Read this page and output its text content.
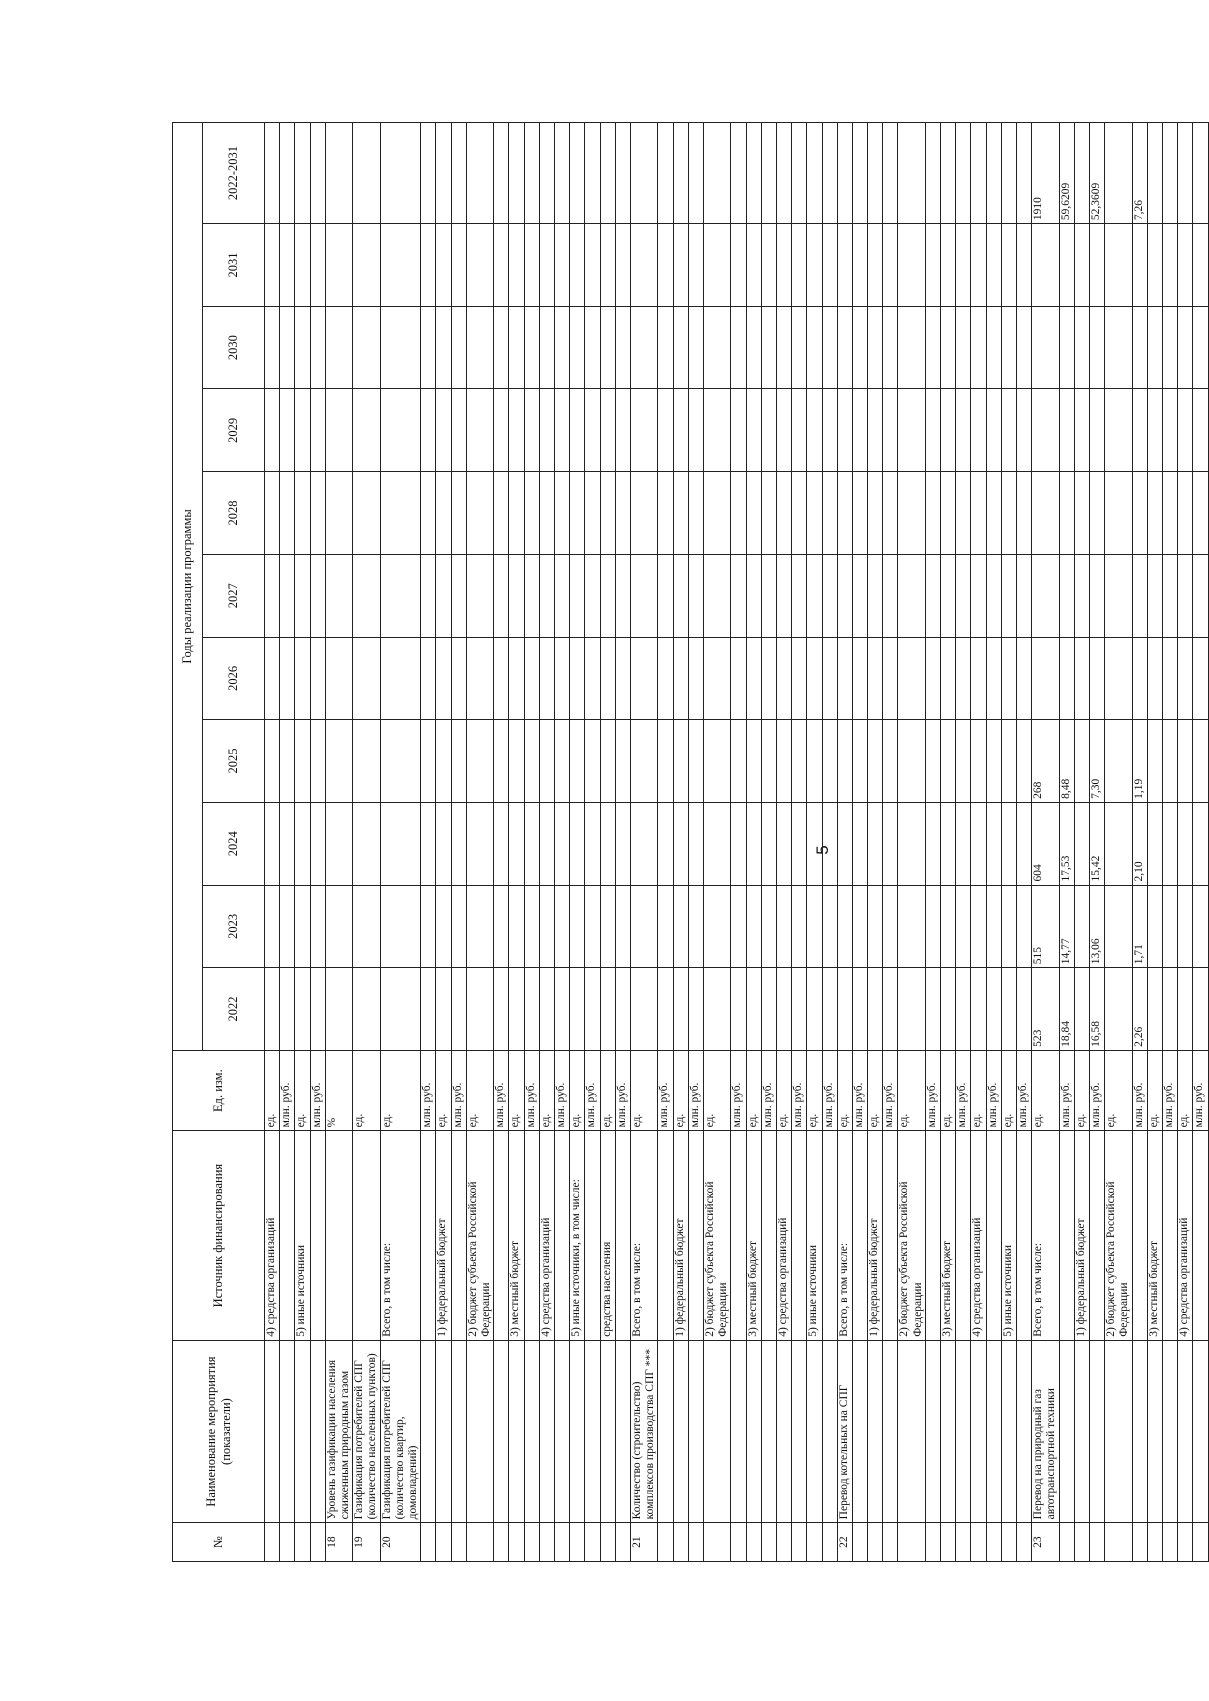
5
№	Наименование мероприятия (показатели)	Источник финансирования	Ед. изм.	Годы реализации программы										
				2022	2023	2024	2025	2026	2027	2028	2029	2030	2031	2022-2031
		4) средства организаций	ед.											
			млн. руб.											
		5) иные источники	ед.											
			млн. руб.											
18	Уровень газификации населения сжиженным природным газом		%											
19	Газификация потребителей СПГ (количество населенных пунктов)		ед.											
20	Газификация потребителей СПГ (количество квартир, домовладений)	Всего, в том числе:	ед.											
			млн. руб.											
		1) федеральный бюджет	ед.											
			млн. руб.											
		2) бюджет субъекта Российской Федерации	ед.											
			млн. руб.											
		3) местный бюджет	ед.											
			млн. руб.											
		4) средства организаций	ед.											
			млн. руб.											
		5) иные источники, в том числе:	ед.											
			млн. руб.											
		средства населения	ед.											
			млн. руб.											
21	Количество (строительство) комплексов производства СПГ ***	Всего, в том числе:	ед.											
			млн. руб.											
		1) федеральный бюджет	ед.											
			млн. руб.											
		2) бюджет субъекта Российской Федерации	ед.											
			млн. руб.											
		3) местный бюджет	ед.											
			млн. руб.											
		4) средства организаций	ед.											
			млн. руб.											
		5) иные источники	ед.											
			млн. руб.											
22	Перевод котельных на СПГ	Всего, в том числе:	ед.											
			млн. руб.											
		1) федеральный бюджет	ед.											
			млн. руб.											
		2) бюджет субъекта Российской Федерации	ед.											
			млн. руб.											
		3) местный бюджет	ед.											
			млн. руб.											
		4) средства организаций	ед.											
			млн. руб.											
		5) иные источники	ед.											
			млн. руб.											
23	Перевод на природный газ автотранспортной техники	Всего, в том числе:	ед.	523	515	604	268							1910
			млн. руб.	18,84	14,77	17,53	8,48							59,6209
		1) федеральный бюджет	ед.											
			млн. руб.	16,58	13,06	15,42	7,30							52,3609
		2) бюджет субъекта Российской Федерации	ед.											
			млн. руб.	2,26	1,71	2,10	1,19							7,26
		3) местный бюджет	ед.											
			млн. руб.											
		4) средства организаций	ед.											
			млн. руб.											
